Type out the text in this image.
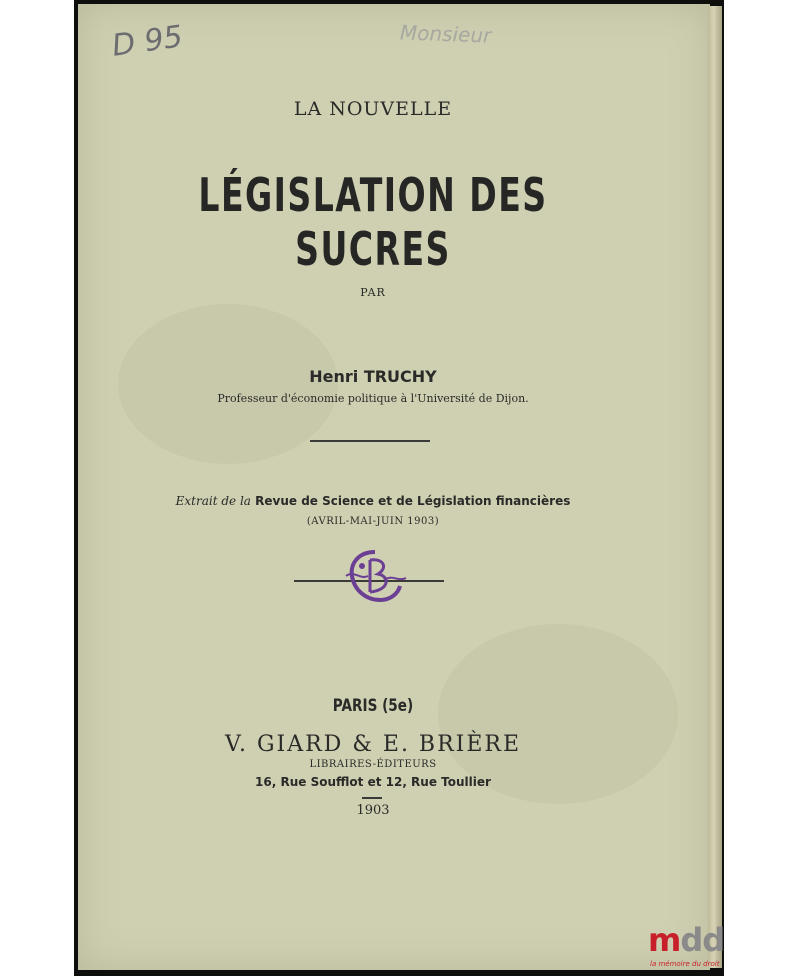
D 95	Monsieur
LA NOUVELLE
LÉGISLATION DES SUCRES
PAR
Henri TRUCHY
Professeur d'économie politique à l'Université de Dijon.
Extrait de la Revue de Science et de Législation financières
(AVRIL-MAI-JUIN 1903)
PARIS (5e)
V. GIARD & E. BRIÈRE
LIBRAIRES-ÉDITEURS
16, Rue Soufflot et 12, Rue Toullier
1903
mdd
la mémoire du droit
